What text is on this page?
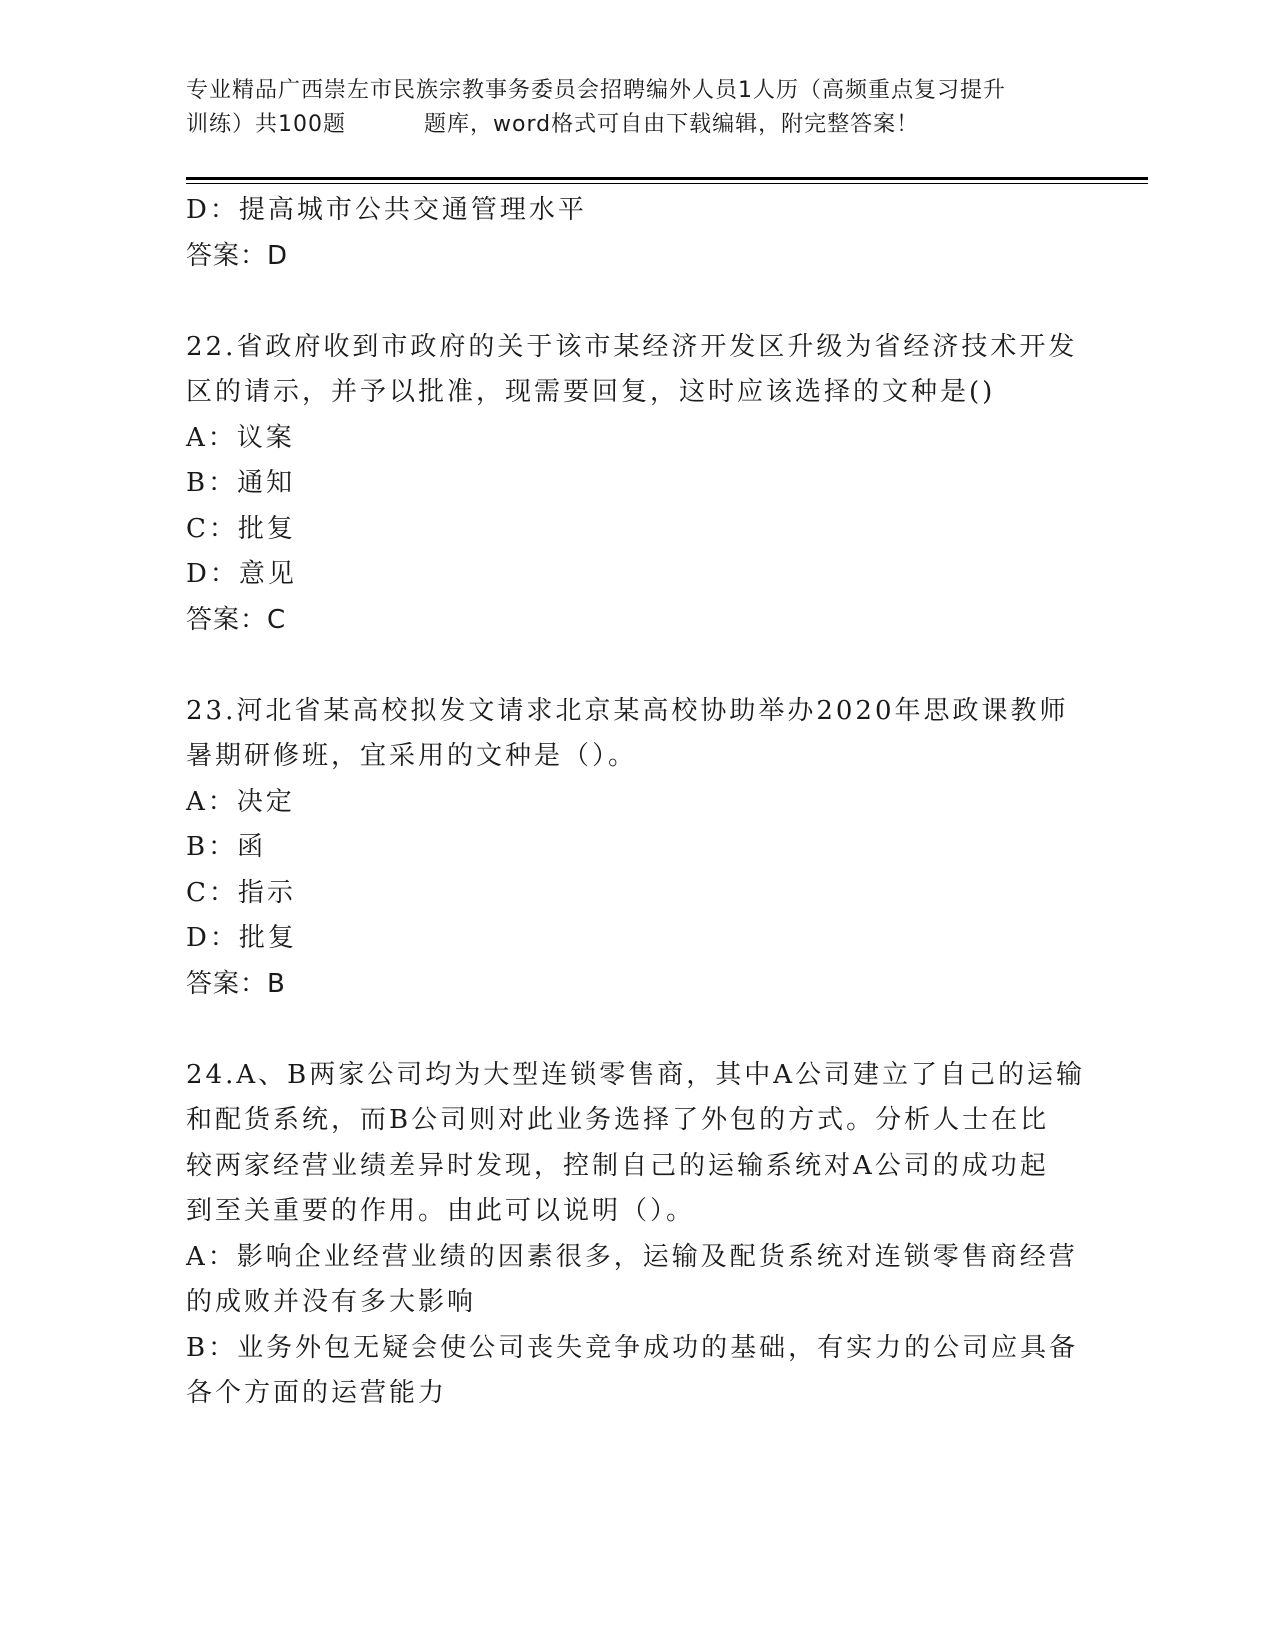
专业精品广西崇左市民族宗教事务委员会招聘编外人员1人历（高频重点复习提升
训练）共100题	题库，word格式可自由下载编辑，附完整答案！
D：提高城市公共交通管理水平
答案：D
22.省政府收到市政府的关于该市某经济开发区升级为省经济技术开发
区的请示，并予以批准，现需要回复，这时应该选择的文种是()
A：议案
B：通知
C：批复
D：意见
答案：C
23.河北省某高校拟发文请求北京某高校协助举办2020年思政课教师
暑期研修班，宜采用的文种是（）。
A：决定
B：函
C：指示
D：批复
答案：B
24.A、B两家公司均为大型连锁零售商，其中A公司建立了自己的运输
和配货系统，而B公司则对此业务选择了外包的方式。分析人士在比
较两家经营业绩差异时发现，控制自己的运输系统对A公司的成功起
到至关重要的作用。由此可以说明（）。
A：影响企业经营业绩的因素很多，运输及配货系统对连锁零售商经营
的成败并没有多大影响
B：业务外包无疑会使公司丧失竞争成功的基础，有实力的公司应具备
各个方面的运营能力
